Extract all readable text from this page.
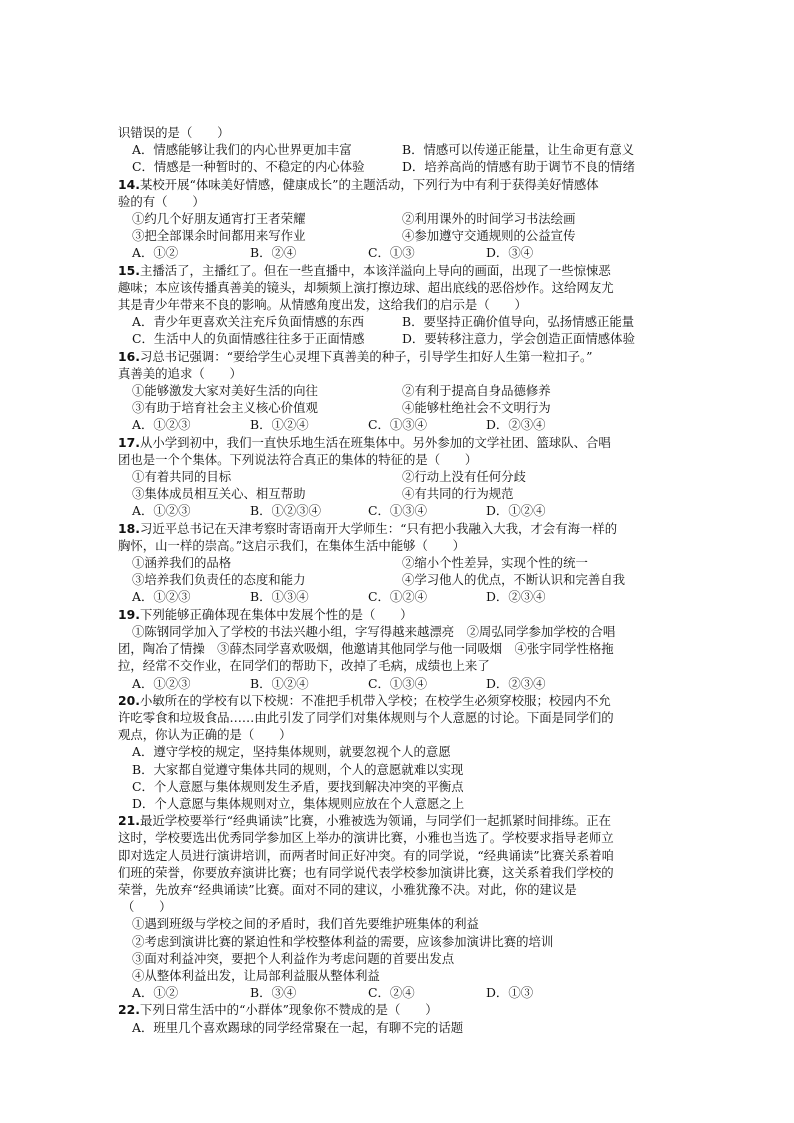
识错误的是（　　）
A．情感能够让我们的内心世界更加丰富	B．情感可以传递正能量，让生命更有意义
C．情感是一种暂时的、不稳定的内心体验	D．培养高尚的情感有助于调节不良的情绪
14.某校开展“体味美好情感，健康成长”的主题活动，下列行为中有利于获得美好情感体
验的有（　　）
①约几个好朋友通宵打王者荣耀	②利用课外的时间学习书法绘画
③把全部课余时间都用来写作业	④参加遵守交通规则的公益宣传
A．①②	B．②④	C．①③	D．③④
15.主播活了，主播红了。但在一些直播中，本该洋溢向上导向的画面，出现了一些惊悚恶
趣味；本应该传播真善美的镜头，却频频上演打擦边球、超出底线的恶俗炒作。这给网友尤
其是青少年带来不良的影响。从情感角度出发，这给我们的启示是（　　）
A．青少年更喜欢关注充斥负面情感的东西	B．要坚持正确价值导向，弘扬情感正能量
C．生活中人的负面情感往往多于正面情感	D．要转移注意力，学会创造正面情感体验
16.习总书记强调：“要给学生心灵埋下真善美的种子，引导学生扣好人生第一粒扣子。”
真善美的追求（　　）
①能够激发大家对美好生活的向往	②有利于提高自身品德修养
③有助于培育社会主义核心价值观	④能够杜绝社会不文明行为
A．①②③	B．①②④	C．①③④	D．②③④
17.从小学到初中，我们一直快乐地生活在班集体中。另外参加的文学社团、篮球队、合唱
团也是一个个集体。下列说法符合真正的集体的特征的是（　　）
①有着共同的目标	②行动上没有任何分歧
③集体成员相互关心、相互帮助	④有共同的行为规范
A．①②③	B．①②③④	C．①③④	D．①②④
18.习近平总书记在天津考察时寄语南开大学师生：“只有把小我融入大我，才会有海一样的
胸怀，山一样的崇高。”这启示我们，在集体生活中能够（　　）
①涵养我们的品格	②缩小个性差异，实现个性的统一
③培养我们负责任的态度和能力	④学习他人的优点，不断认识和完善自我
A．①②③	B．①③④	C．①②④	D．②③④
19.下列能够正确体现在集体中发展个性的是（　　）
①陈钢同学加入了学校的书法兴趣小组，字写得越来越漂亮　②周弘同学参加学校的合唱
团，陶冶了情操　③薛杰同学喜欢吸烟，他邀请其他同学与他一同吸烟　④张宇同学性格拖
拉，经常不交作业，在同学们的帮助下，改掉了毛病，成绩也上来了
A．①②③	B．①②④	C．①③④	D．②③④
20.小敏所在的学校有以下校规：不准把手机带入学校；在校学生必须穿校服；校园内不允
许吃零食和垃圾食品……由此引发了同学们对集体规则与个人意愿的讨论。下面是同学们的
观点，你认为正确的是（　　）
A．遵守学校的规定，坚持集体规则，就要忽视个人的意愿
B．大家都自觉遵守集体共同的规则，个人的意愿就难以实现
C．个人意愿与集体规则发生矛盾，要找到解决冲突的平衡点
D．个人意愿与集体规则对立，集体规则应放在个人意愿之上
21.最近学校要举行“经典诵读”比赛，小雅被选为领诵，与同学们一起抓紧时间排练。正在
这时，学校要选出优秀同学参加区上举办的演讲比赛，小雅也当选了。学校要求指导老师立
即对选定人员进行演讲培训，而两者时间正好冲突。有的同学说，“经典诵读”比赛关系着咱
们班的荣誉，你要放弃演讲比赛；也有同学说代表学校参加演讲比赛，这关系着我们学校的
荣誉，先放弃“经典诵读”比赛。面对不同的建议，小雅犹豫不决。对此，你的建议是
（　　）
①遇到班级与学校之间的矛盾时，我们首先要维护班集体的利益
②考虑到演讲比赛的紧迫性和学校整体利益的需要，应该参加演讲比赛的培训
③面对利益冲突，要把个人利益作为考虑问题的首要出发点
④从整体利益出发，让局部利益服从整体利益
A．①②	B．③④	C．②④	D．①③
22.下列日常生活中的“小群体”现象你不赞成的是（　　）
A．班里几个喜欢踢球的同学经常聚在一起，有聊不完的话题
